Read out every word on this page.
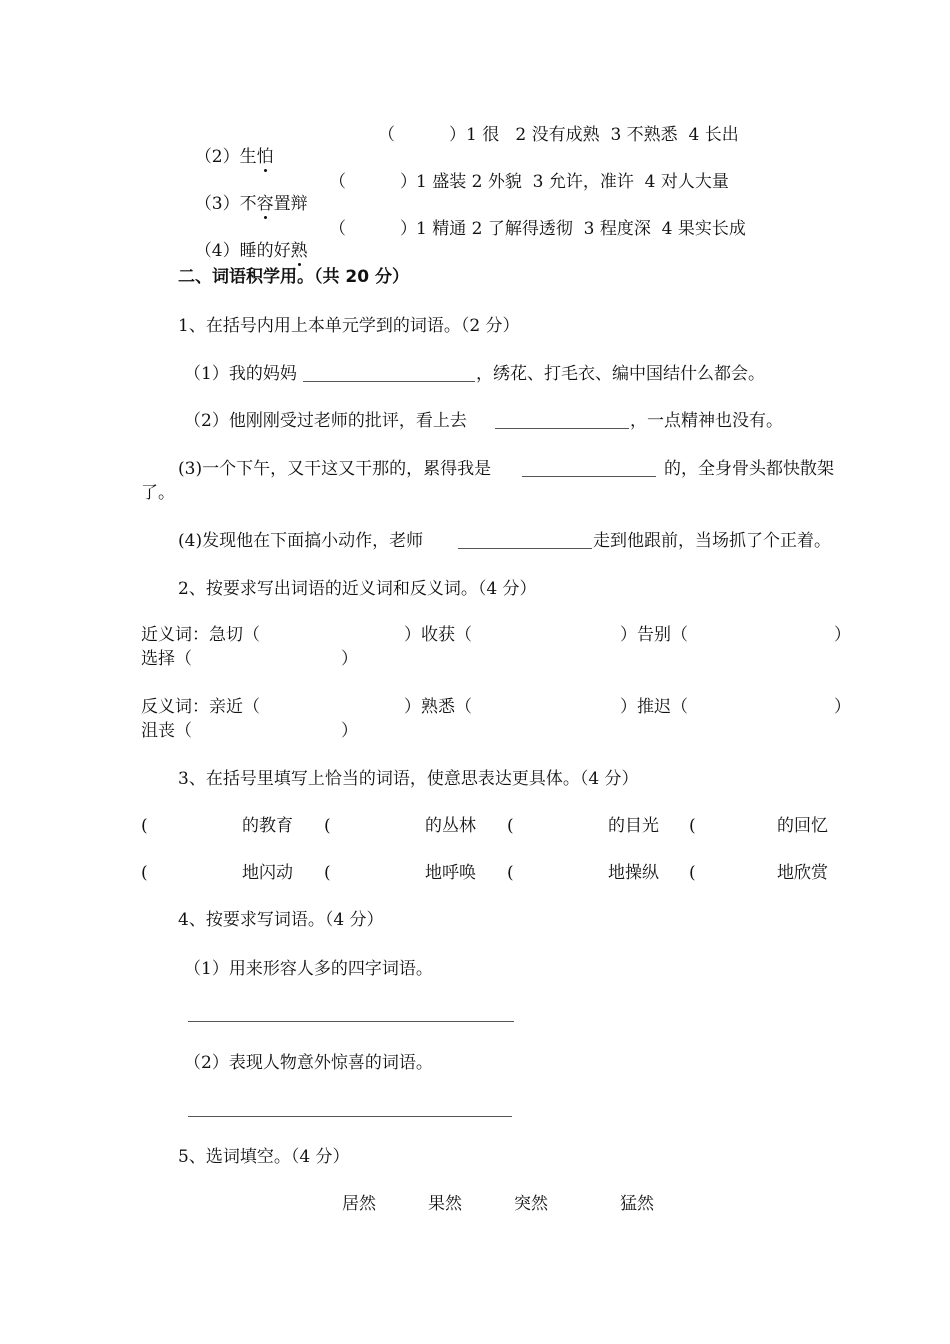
（2）生怕

（          ） 1 很   2 没有成熟  3 不熟悉  4 长出

（3）不容置辩

（          ）
1 盛装 2 外貌  3 允许，准许  4 对人大量

（4）睡的好熟

（          ）
1 精通 2 了解得透彻  3 程度深  4 果实长成
二、词语积学用。（共 20 分）
1、在括号内用上本单元学到的词语。（2 分）
（1）我的妈妈	，绣花、打毛衣、编中国结什么都会。
（2）他刚刚受过老师的批评，看上去	，一点精神也没有。
(3)一个下午，又干这又干那的，累得我是	的，全身骨头都快散架
了。
(4)发现他在下面搞小动作，老师	走到他跟前，当场抓了个正着。
2、按要求写出词语的近义词和反义词。（4 分）
近义词：急切（	）收获（	）告别（	）
选择（	）
反义词：亲近（	）熟悉（	）推迟（	）
沮丧（	）
3、在括号里填写上恰当的词语，使意思表达更具体。（4 分）
(	的教育 (	的丛林 (	的目光 (	的回忆
(	地闪动 (	地呼唤 (	地操纵 (	地欣赏
4、按要求写词语。（4 分）
（1）用来形容人多的四字词语。
（2）表现人物意外惊喜的词语。
5、选词填空。（4 分）
居然	果然	突然	猛然
